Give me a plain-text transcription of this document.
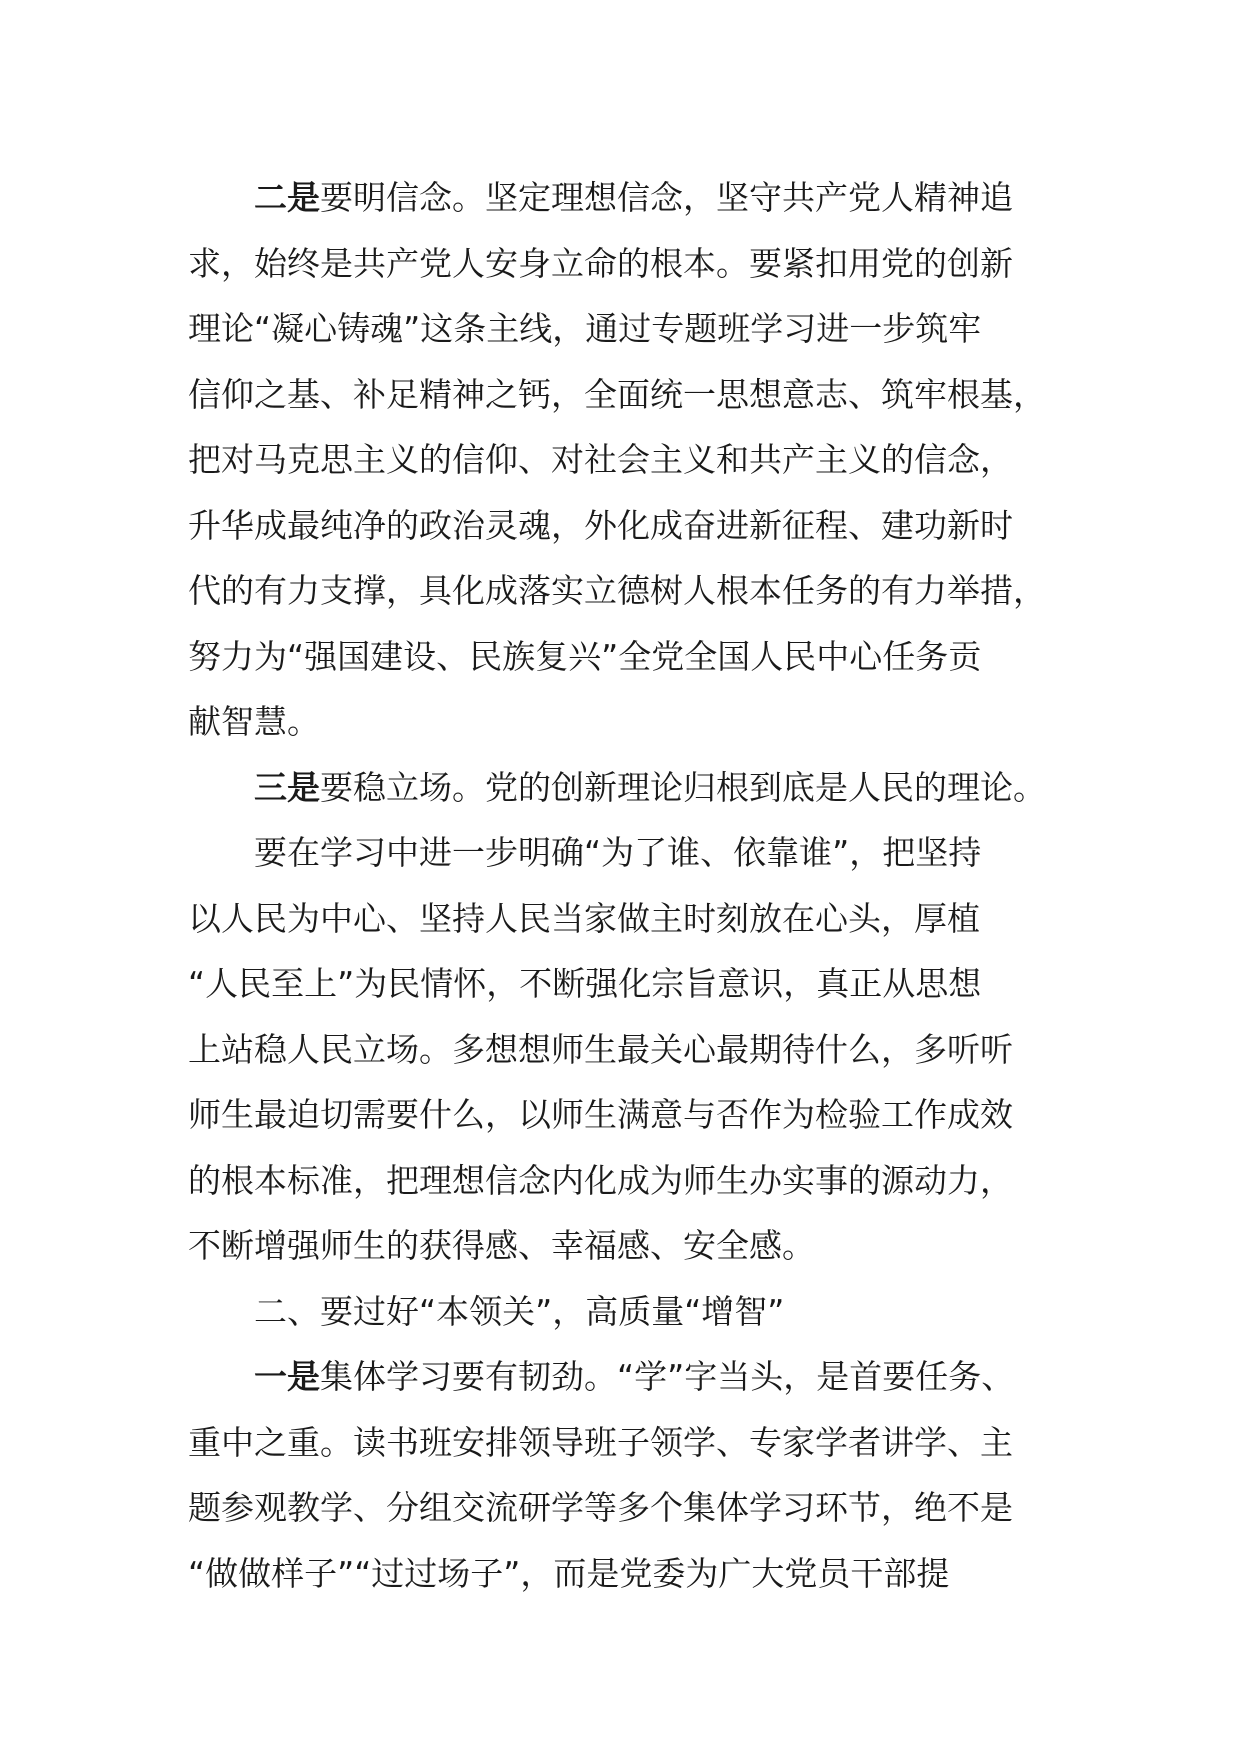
二是要明信念。坚定理想信念，坚守共产党人精神追
求，始终是共产党人安身立命的根本。要紧扣用党的创新
理论“凝心铸魂”这条主线，通过专题班学习进一步筑牢
信仰之基、补足精神之钙，全面统一思想意志、筑牢根基，
把对马克思主义的信仰、对社会主义和共产主义的信念，
升华成最纯净的政治灵魂，外化成奋进新征程、建功新时
代的有力支撑，具化成落实立德树人根本任务的有力举措，
努力为“强国建设、民族复兴”全党全国人民中心任务贡
献智慧。
三是要稳立场。党的创新理论归根到底是人民的理论。
要在学习中进一步明确“为了谁、依靠谁”，把坚持
以人民为中心、坚持人民当家做主时刻放在心头，厚植
“人民至上”为民情怀，不断强化宗旨意识，真正从思想
上站稳人民立场。多想想师生最关心最期待什么，多听听
师生最迫切需要什么，以师生满意与否作为检验工作成效
的根本标准，把理想信念内化成为师生办实事的源动力，
不断增强师生的获得感、幸福感、安全感。
二、要过好“本领关”，高质量“增智”
一是集体学习要有韧劲。“学”字当头，是首要任务、
重中之重。读书班安排领导班子领学、专家学者讲学、主
题参观教学、分组交流研学等多个集体学习环节，绝不是
“做做样子”“过过场子”，而是党委为广大党员干部提
